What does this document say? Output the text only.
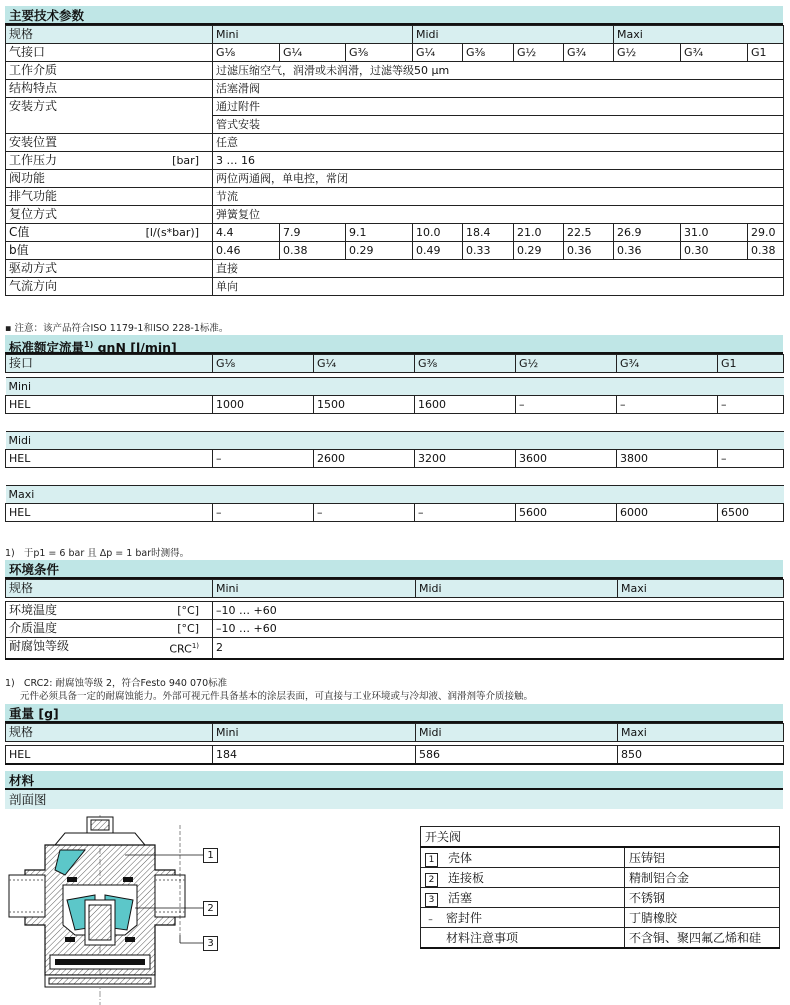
主要技术参数
规格	Mini			Midi				Maxi		
气接口	G⅛	G¼	G⅜	G¼	G⅜	G½	G¾	G½	G¾	G1
工作介质	过滤压缩空气，润滑或未润滑，过滤等级50 μm									
结构特点	活塞滑阀									
安装方式	通过附件									
	管式安装									
安装位置	任意									
工作压力 [bar]	3 … 16									
阀功能	两位两通阀，单电控，常闭									
排气功能	节流									
复位方式	弹簧复位									
C值 [l/(s*bar)]	4.4	7.9	9.1	10.0	18.4	21.0	22.5	26.9	31.0	29.0
b值	0.46	0.38	0.29	0.49	0.33	0.29	0.36	0.36	0.30	0.38
驱动方式	直接									
气流方向	单向									
▪ 注意：该产品符合ISO 1179-1和ISO 228-1标准。
标准额定流量$^{1)}$ qnN [l/min]
接口	G⅛	G¼	G⅜	G½	G¾	G1

Mini						
HEL	1000	1500	1600	–	–	–

Midi						
HEL	–	2600	3200	3600	3800	–

Maxi						
HEL	–	–	–	5600	6000	6500
1) 于p1 = 6 bar 且 Δp = 1 bar时测得。
环境条件
规格	Mini	Midi	Maxi

环境温度 [°C]	–10 … +60		
介质温度 [°C]	–10 … +60		
耐腐蚀等级 CRC$^{1)}$	2		
1) CRC2: 耐腐蚀等级 2，符合Festo 940 070标准
元件必须具备一定的耐腐蚀能力。外部可视元件具备基本的涂层表面，可直接与工业环境或与冷却液、润滑剂等介质接触。
重量 [g]
规格	Mini	Midi	Maxi

HEL	184	586	850
材料
剖面图
1
2
3
开关阀	
1 壳体	压铸铝
2 连接板	精制铝合金
3 活塞	不锈钢
– 密封件	丁腈橡胶
材料注意事项	不含铜、聚四氟乙烯和硅
